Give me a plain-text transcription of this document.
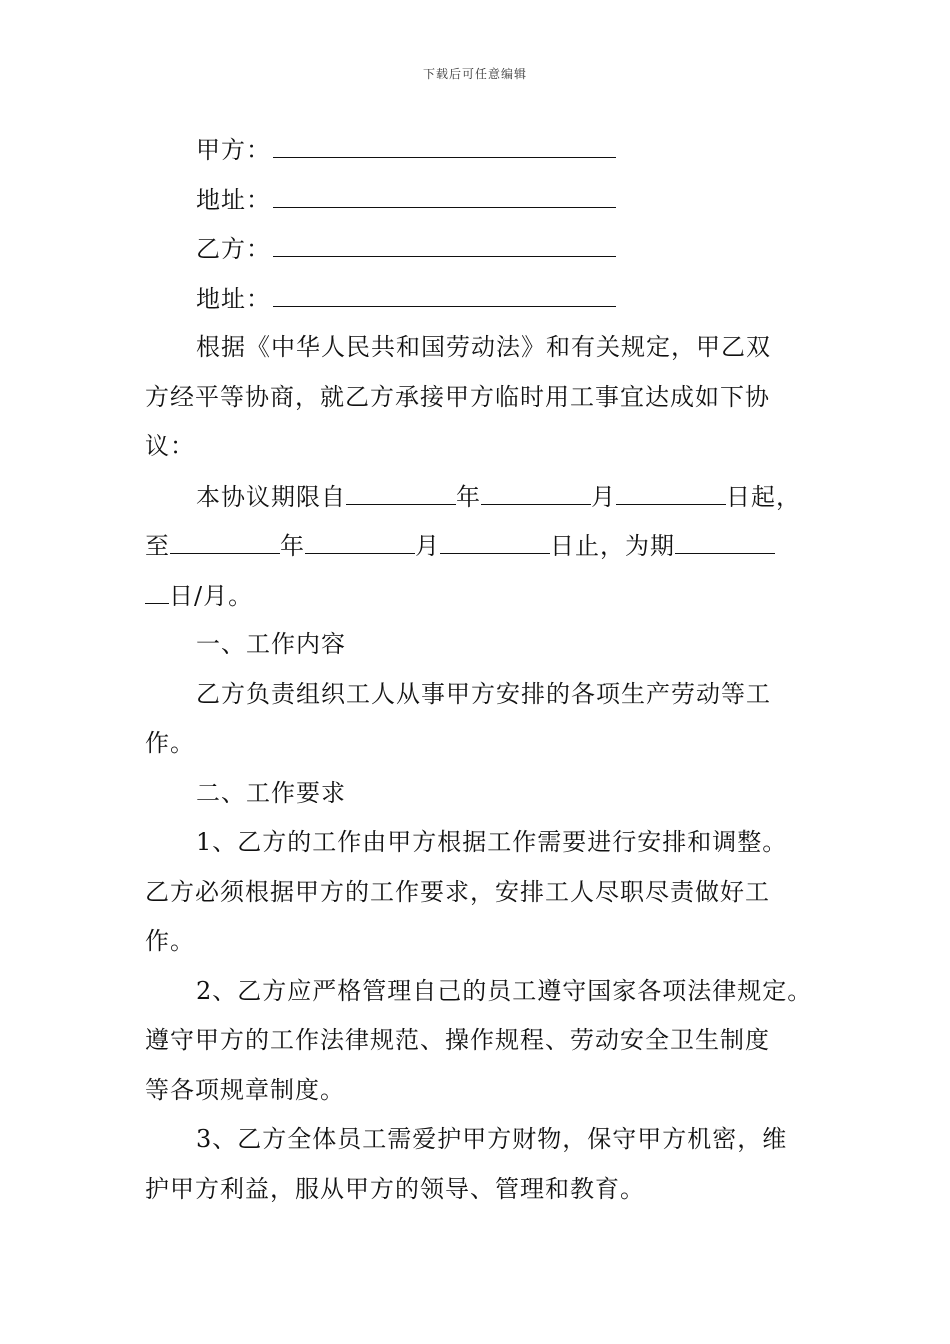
下载后可任意编辑
甲方：
地址：
乙方：
地址：
根据《中华人民共和国劳动法》和有关规定，甲乙双
方经平等协商，就乙方承接甲方临时用工事宜达成如下协
议：
本协议期限自	年	月	日起，
至	年	月	日止，为期
日/月。
一、工作内容
乙方负责组织工人从事甲方安排的各项生产劳动等工
作。
二、工作要求
1、乙方的工作由甲方根据工作需要进行安排和调整。
乙方必须根据甲方的工作要求，安排工人尽职尽责做好工
作。
2、乙方应严格管理自己的员工遵守国家各项法律规定。
遵守甲方的工作法律规范、操作规程、劳动安全卫生制度
等各项规章制度。
3、乙方全体员工需爱护甲方财物，保守甲方机密，维
护甲方利益，服从甲方的领导、管理和教育。
